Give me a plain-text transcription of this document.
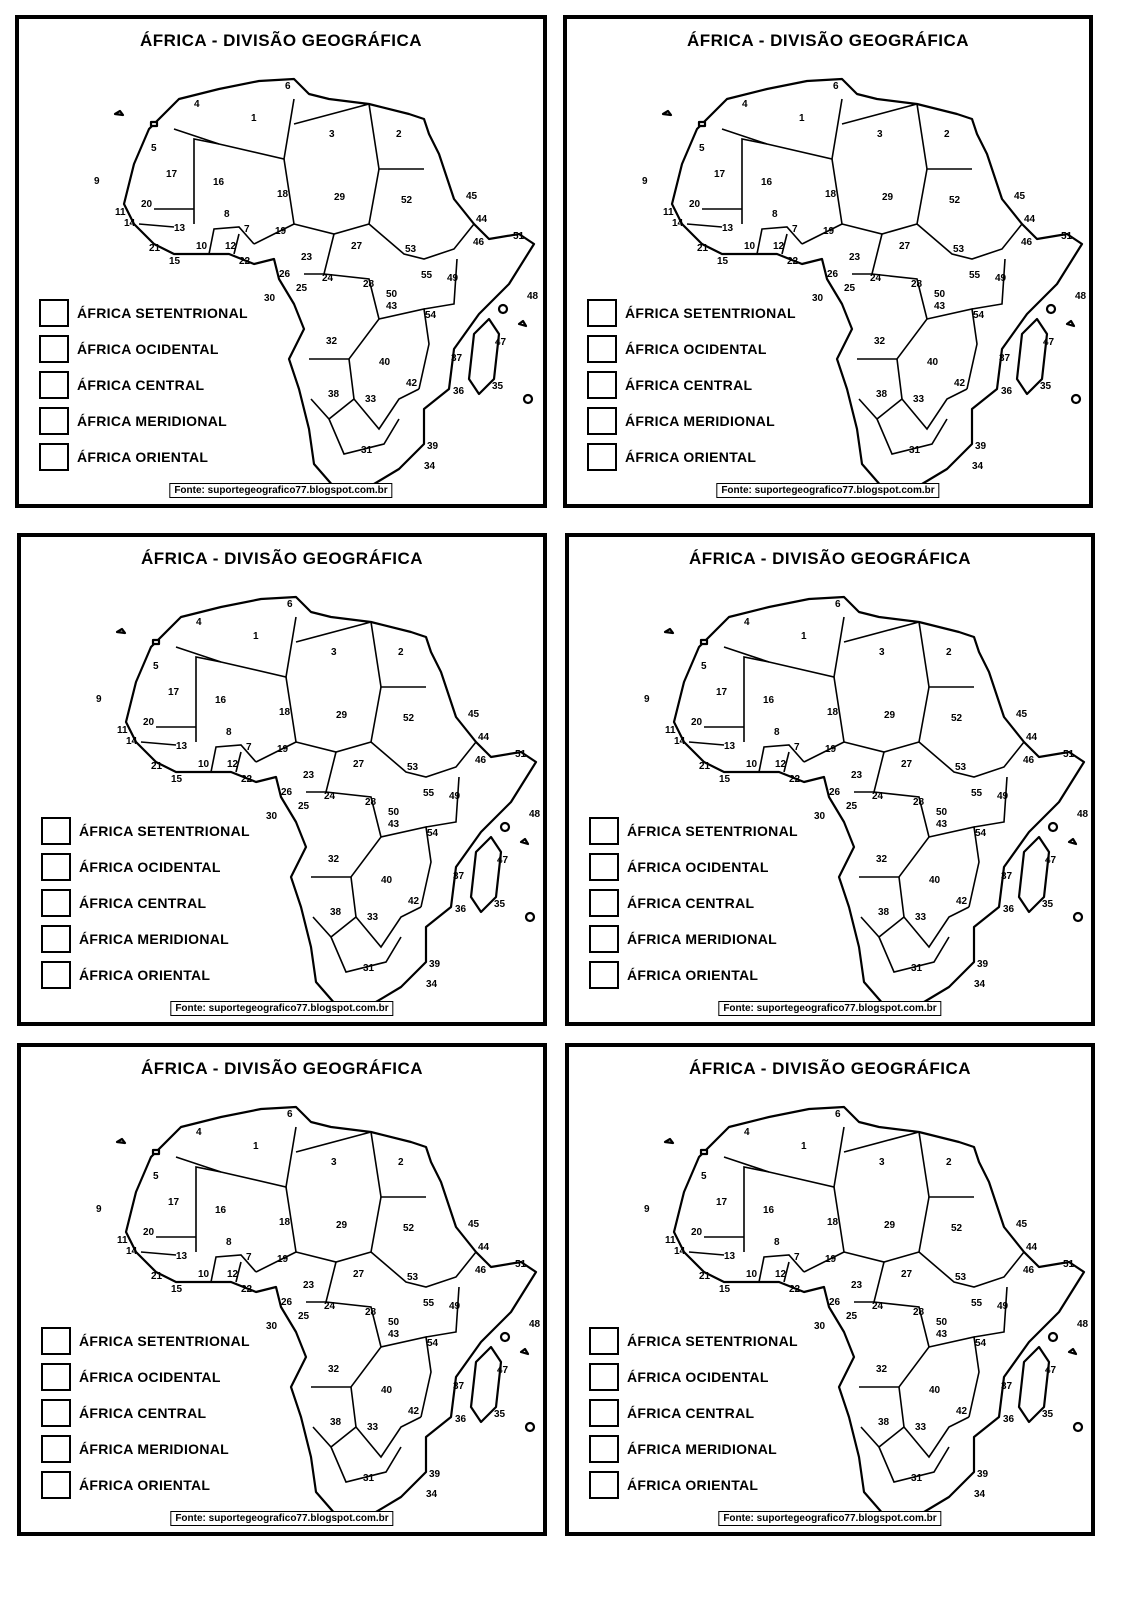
ÁFRICA - DIVISÃO GEOGRÁFICA
1
2
3
4
5
6
7
8
9
10
11
12
13
14
15
16
17
18
19
20
21
22	23
24
25
26
27
28
29
30
31
32
33
34
35
36
37
38
39
40
42
43
44
45
46
47
48
49
50
51
52
53
54
55
ÁFRICA SETENTRIONAL
ÁFRICA OCIDENTAL
ÁFRICA CENTRAL
ÁFRICA MERIDIONAL
ÁFRICA ORIENTAL
Fonte: suportegeografico77.blogspot.com.br
ÁFRICA - DIVISÃO GEOGRÁFICA
1
2
3
4
5
6
7
8
9
10
11
12
13
14
15
16
17
18
19
20
21
22	23
24
25
26
27
28
29
30
31
32
33
34
35
36
37
38
39
40
42
43
44
45
46
47
48
49
50
51
52
53
54
55
ÁFRICA SETENTRIONAL
ÁFRICA OCIDENTAL
ÁFRICA CENTRAL
ÁFRICA MERIDIONAL
ÁFRICA ORIENTAL
Fonte: suportegeografico77.blogspot.com.br
ÁFRICA - DIVISÃO GEOGRÁFICA
1
2
3
4
5
6
7
8
9
10
11
12
13
14
15
16
17
18
19
20
21
22	23
24
25
26
27
28
29
30
31
32
33
34
35
36
37
38
39
40
42
43
44
45
46
47
48
49
50
51
52
53
54
55
ÁFRICA SETENTRIONAL
ÁFRICA OCIDENTAL
ÁFRICA CENTRAL
ÁFRICA MERIDIONAL
ÁFRICA ORIENTAL
Fonte: suportegeografico77.blogspot.com.br
ÁFRICA - DIVISÃO GEOGRÁFICA
1
2
3
4
5
6
7
8
9
10
11
12
13
14
15
16
17
18
19
20
21
22	23
24
25
26
27
28
29
30
31
32
33
34
35
36
37
38
39
40
42
43
44
45
46
47
48
49
50
51
52
53
54
55
ÁFRICA SETENTRIONAL
ÁFRICA OCIDENTAL
ÁFRICA CENTRAL
ÁFRICA MERIDIONAL
ÁFRICA ORIENTAL
Fonte: suportegeografico77.blogspot.com.br
ÁFRICA - DIVISÃO GEOGRÁFICA
1
2
3
4
5
6
7
8
9
10
11
12
13
14
15
16
17
18
19
20
21
22	23
24
25
26
27
28
29
30
31
32
33
34
35
36
37
38
39
40
42
43
44
45
46
47
48
49
50
51
52
53
54
55
ÁFRICA SETENTRIONAL
ÁFRICA OCIDENTAL
ÁFRICA CENTRAL
ÁFRICA MERIDIONAL
ÁFRICA ORIENTAL
Fonte: suportegeografico77.blogspot.com.br
ÁFRICA - DIVISÃO GEOGRÁFICA
1
2
3
4
5
6
7
8
9
10
11
12
13
14
15
16
17
18
19
20
21
22	23
24
25
26
27
28
29
30
31
32
33
34
35
36
37
38
39
40
42
43
44
45
46
47
48
49
50
51
52
53
54
55
ÁFRICA SETENTRIONAL
ÁFRICA OCIDENTAL
ÁFRICA CENTRAL
ÁFRICA MERIDIONAL
ÁFRICA ORIENTAL
Fonte: suportegeografico77.blogspot.com.br
